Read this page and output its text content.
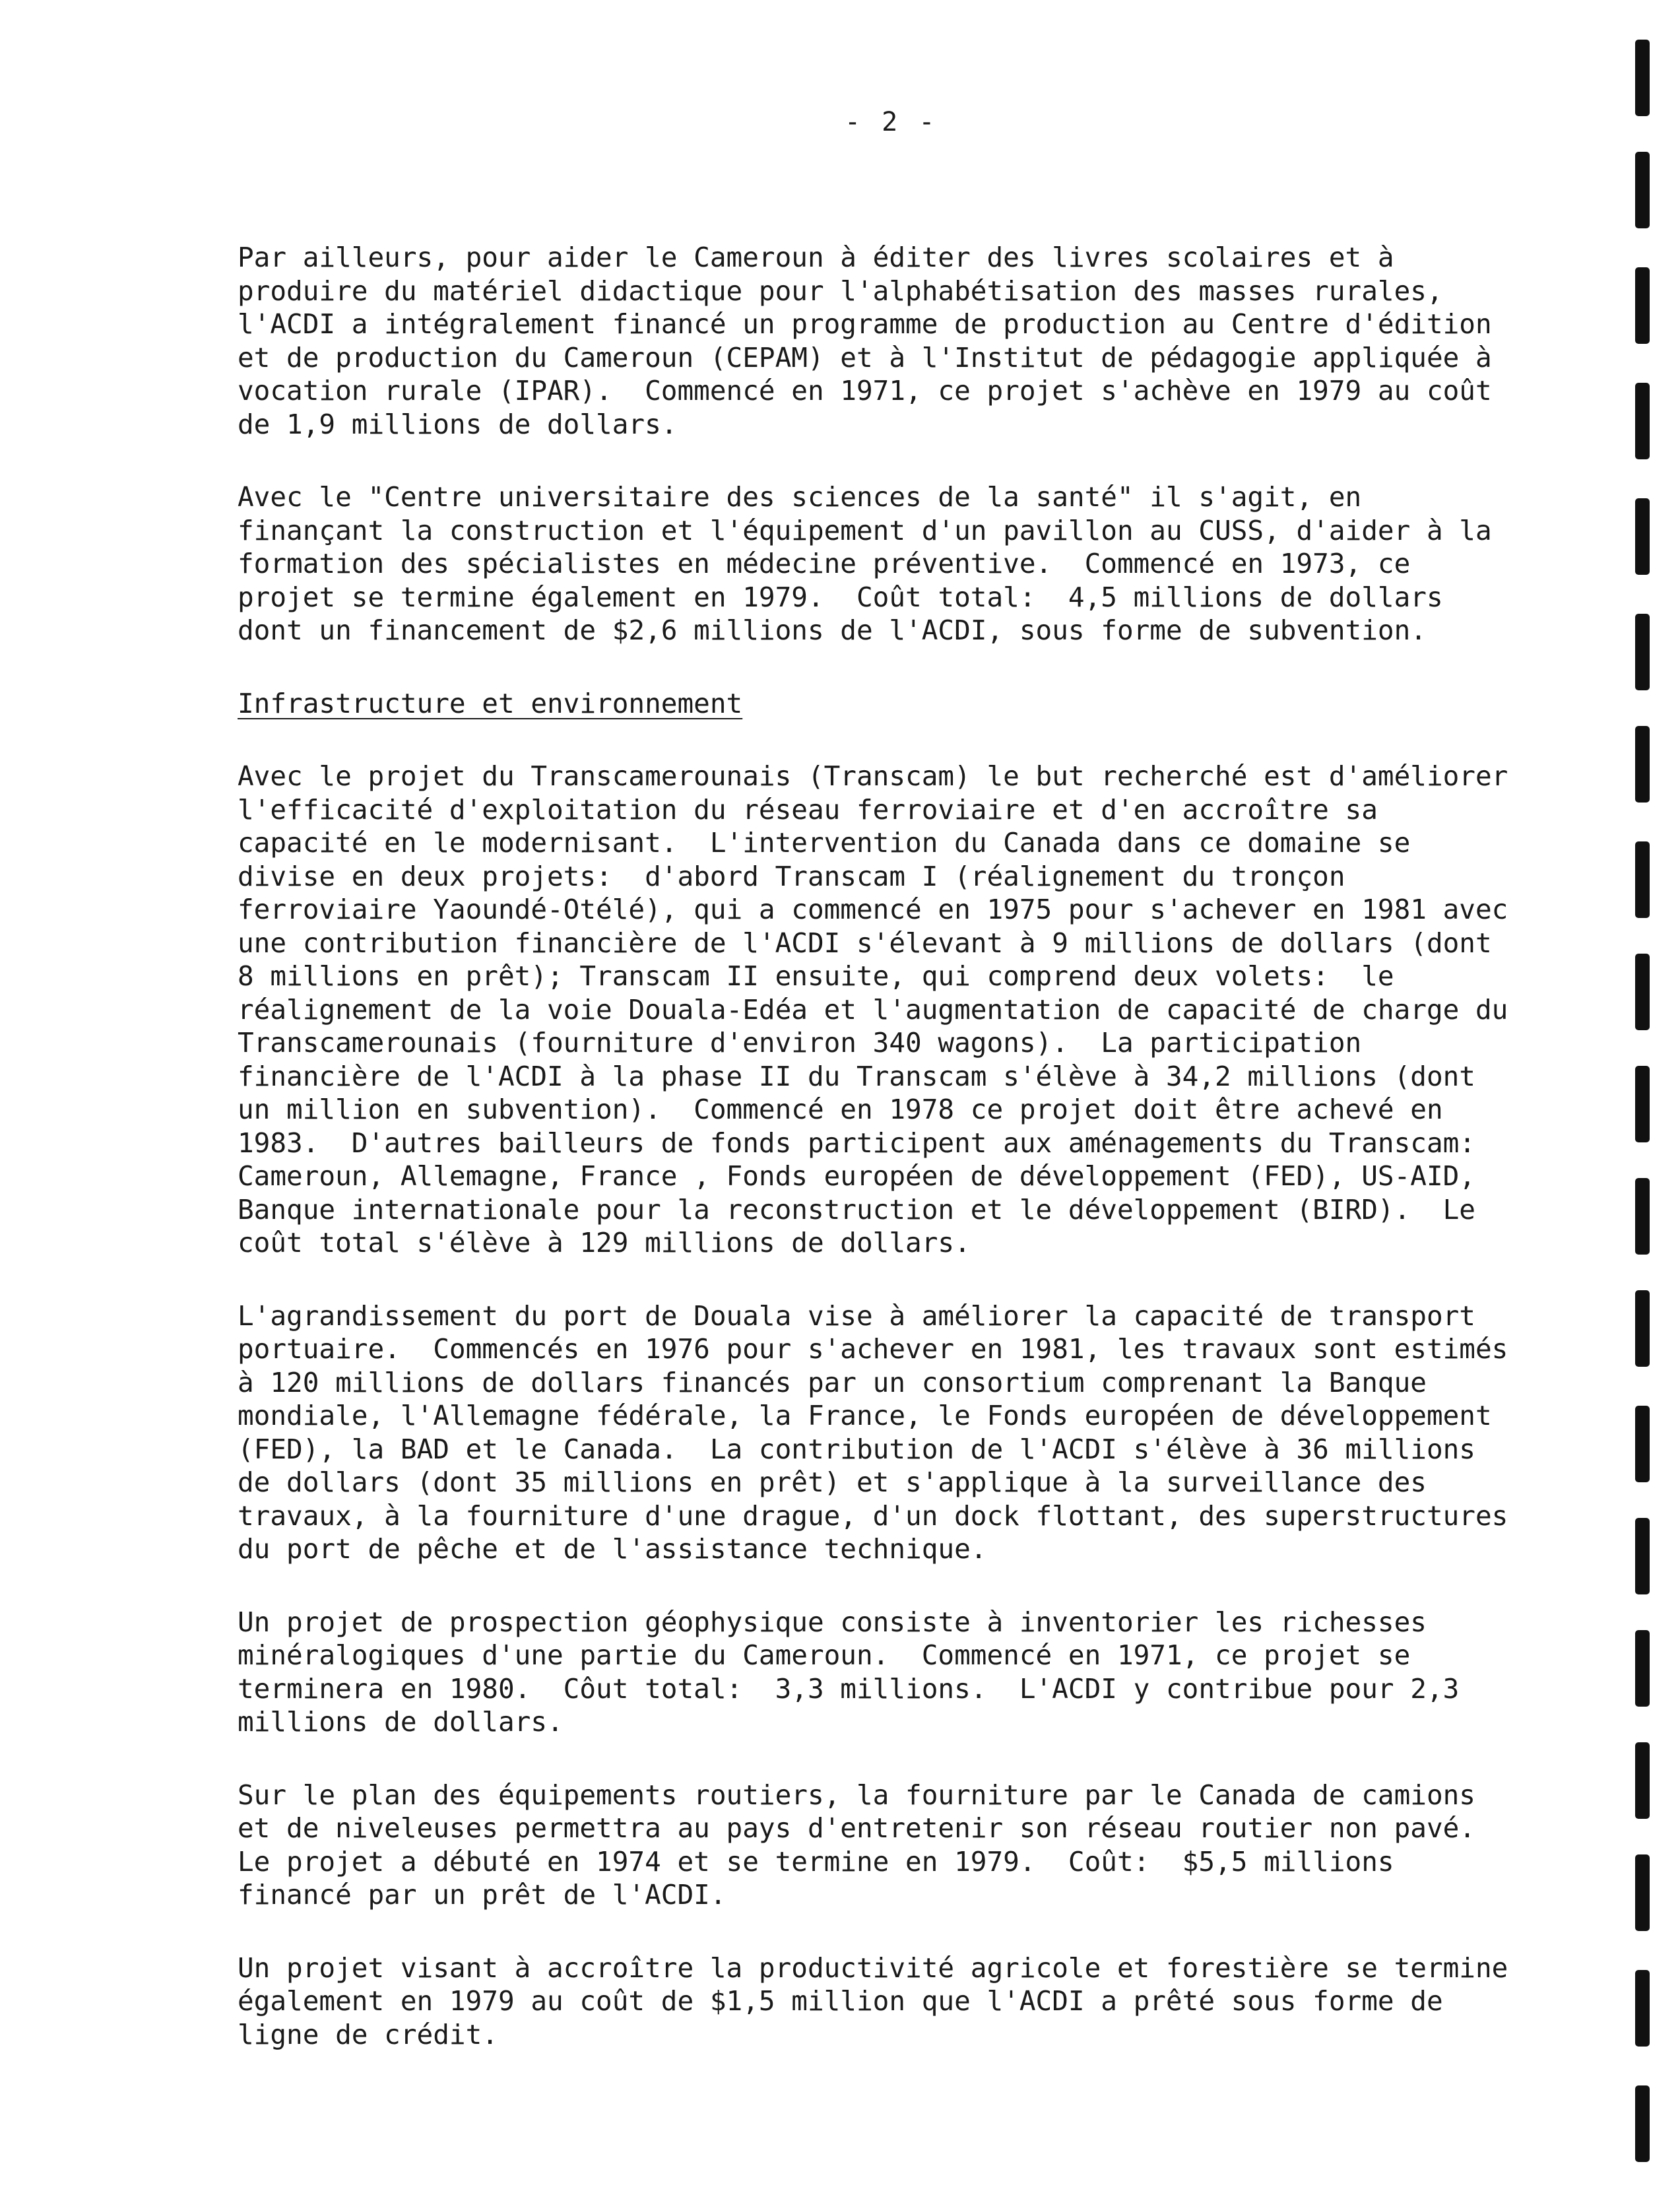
- 2 -
Par ailleurs, pour aider le Cameroun à éditer des livres scolaires et à
produire du matériel didactique pour l'alphabétisation des masses rurales,
l'ACDI a intégralement financé un programme de production au Centre d'édition
et de production du Cameroun (CEPAM) et à l'Institut de pédagogie appliquée à
vocation rurale (IPAR).  Commencé en 1971, ce projet s'achève en 1979 au coût
de 1,9 millions de dollars.
Avec le "Centre universitaire des sciences de la santé" il s'agit, en
finançant la construction et l'équipement d'un pavillon au CUSS, d'aider à la
formation des spécialistes en médecine préventive.  Commencé en 1973, ce
projet se termine également en 1979.  Coût total:  4,5 millions de dollars
dont un financement de $2,6 millions de l'ACDI, sous forme de subvention.
Infrastructure et environnement
Avec le projet du Transcamerounais (Transcam) le but recherché est d'améliorer
l'efficacité d'exploitation du réseau ferroviaire et d'en accroître sa
capacité en le modernisant.  L'intervention du Canada dans ce domaine se
divise en deux projets:  d'abord Transcam I (réalignement du tronçon
ferroviaire Yaoundé-Otélé), qui a commencé en 1975 pour s'achever en 1981 avec
une contribution financière de l'ACDI s'élevant à 9 millions de dollars (dont
8 millions en prêt); Transcam II ensuite, qui comprend deux volets:  le
réalignement de la voie Douala-Edéa et l'augmentation de capacité de charge du
Transcamerounais (fourniture d'environ 340 wagons).  La participation
financière de l'ACDI à la phase II du Transcam s'élève à 34,2 millions (dont
un million en subvention).  Commencé en 1978 ce projet doit être achevé en
1983.  D'autres bailleurs de fonds participent aux aménagements du Transcam:
Cameroun, Allemagne, France , Fonds européen de développement (FED), US-AID,
Banque internationale pour la reconstruction et le développement (BIRD).  Le
coût total s'élève à 129 millions de dollars.
L'agrandissement du port de Douala vise à améliorer la capacité de transport
portuaire.  Commencés en 1976 pour s'achever en 1981, les travaux sont estimés
à 120 millions de dollars financés par un consortium comprenant la Banque
mondiale, l'Allemagne fédérale, la France, le Fonds européen de développement
(FED), la BAD et le Canada.  La contribution de l'ACDI s'élève à 36 millions
de dollars (dont 35 millions en prêt) et s'applique à la surveillance des
travaux, à la fourniture d'une drague, d'un dock flottant, des superstructures
du port de pêche et de l'assistance technique.
Un projet de prospection géophysique consiste à inventorier les richesses
minéralogiques d'une partie du Cameroun.  Commencé en 1971, ce projet se
terminera en 1980.  Côut total:  3,3 millions.  L'ACDI y contribue pour 2,3
millions de dollars.
Sur le plan des équipements routiers, la fourniture par le Canada de camions
et de niveleuses permettra au pays d'entretenir son réseau routier non pavé.
Le projet a débuté en 1974 et se termine en 1979.  Coût:  $5,5 millions
financé par un prêt de l'ACDI.
Un projet visant à accroître la productivité agricole et forestière se termine
également en 1979 au coût de $1,5 million que l'ACDI a prêté sous forme de
ligne de crédit.
